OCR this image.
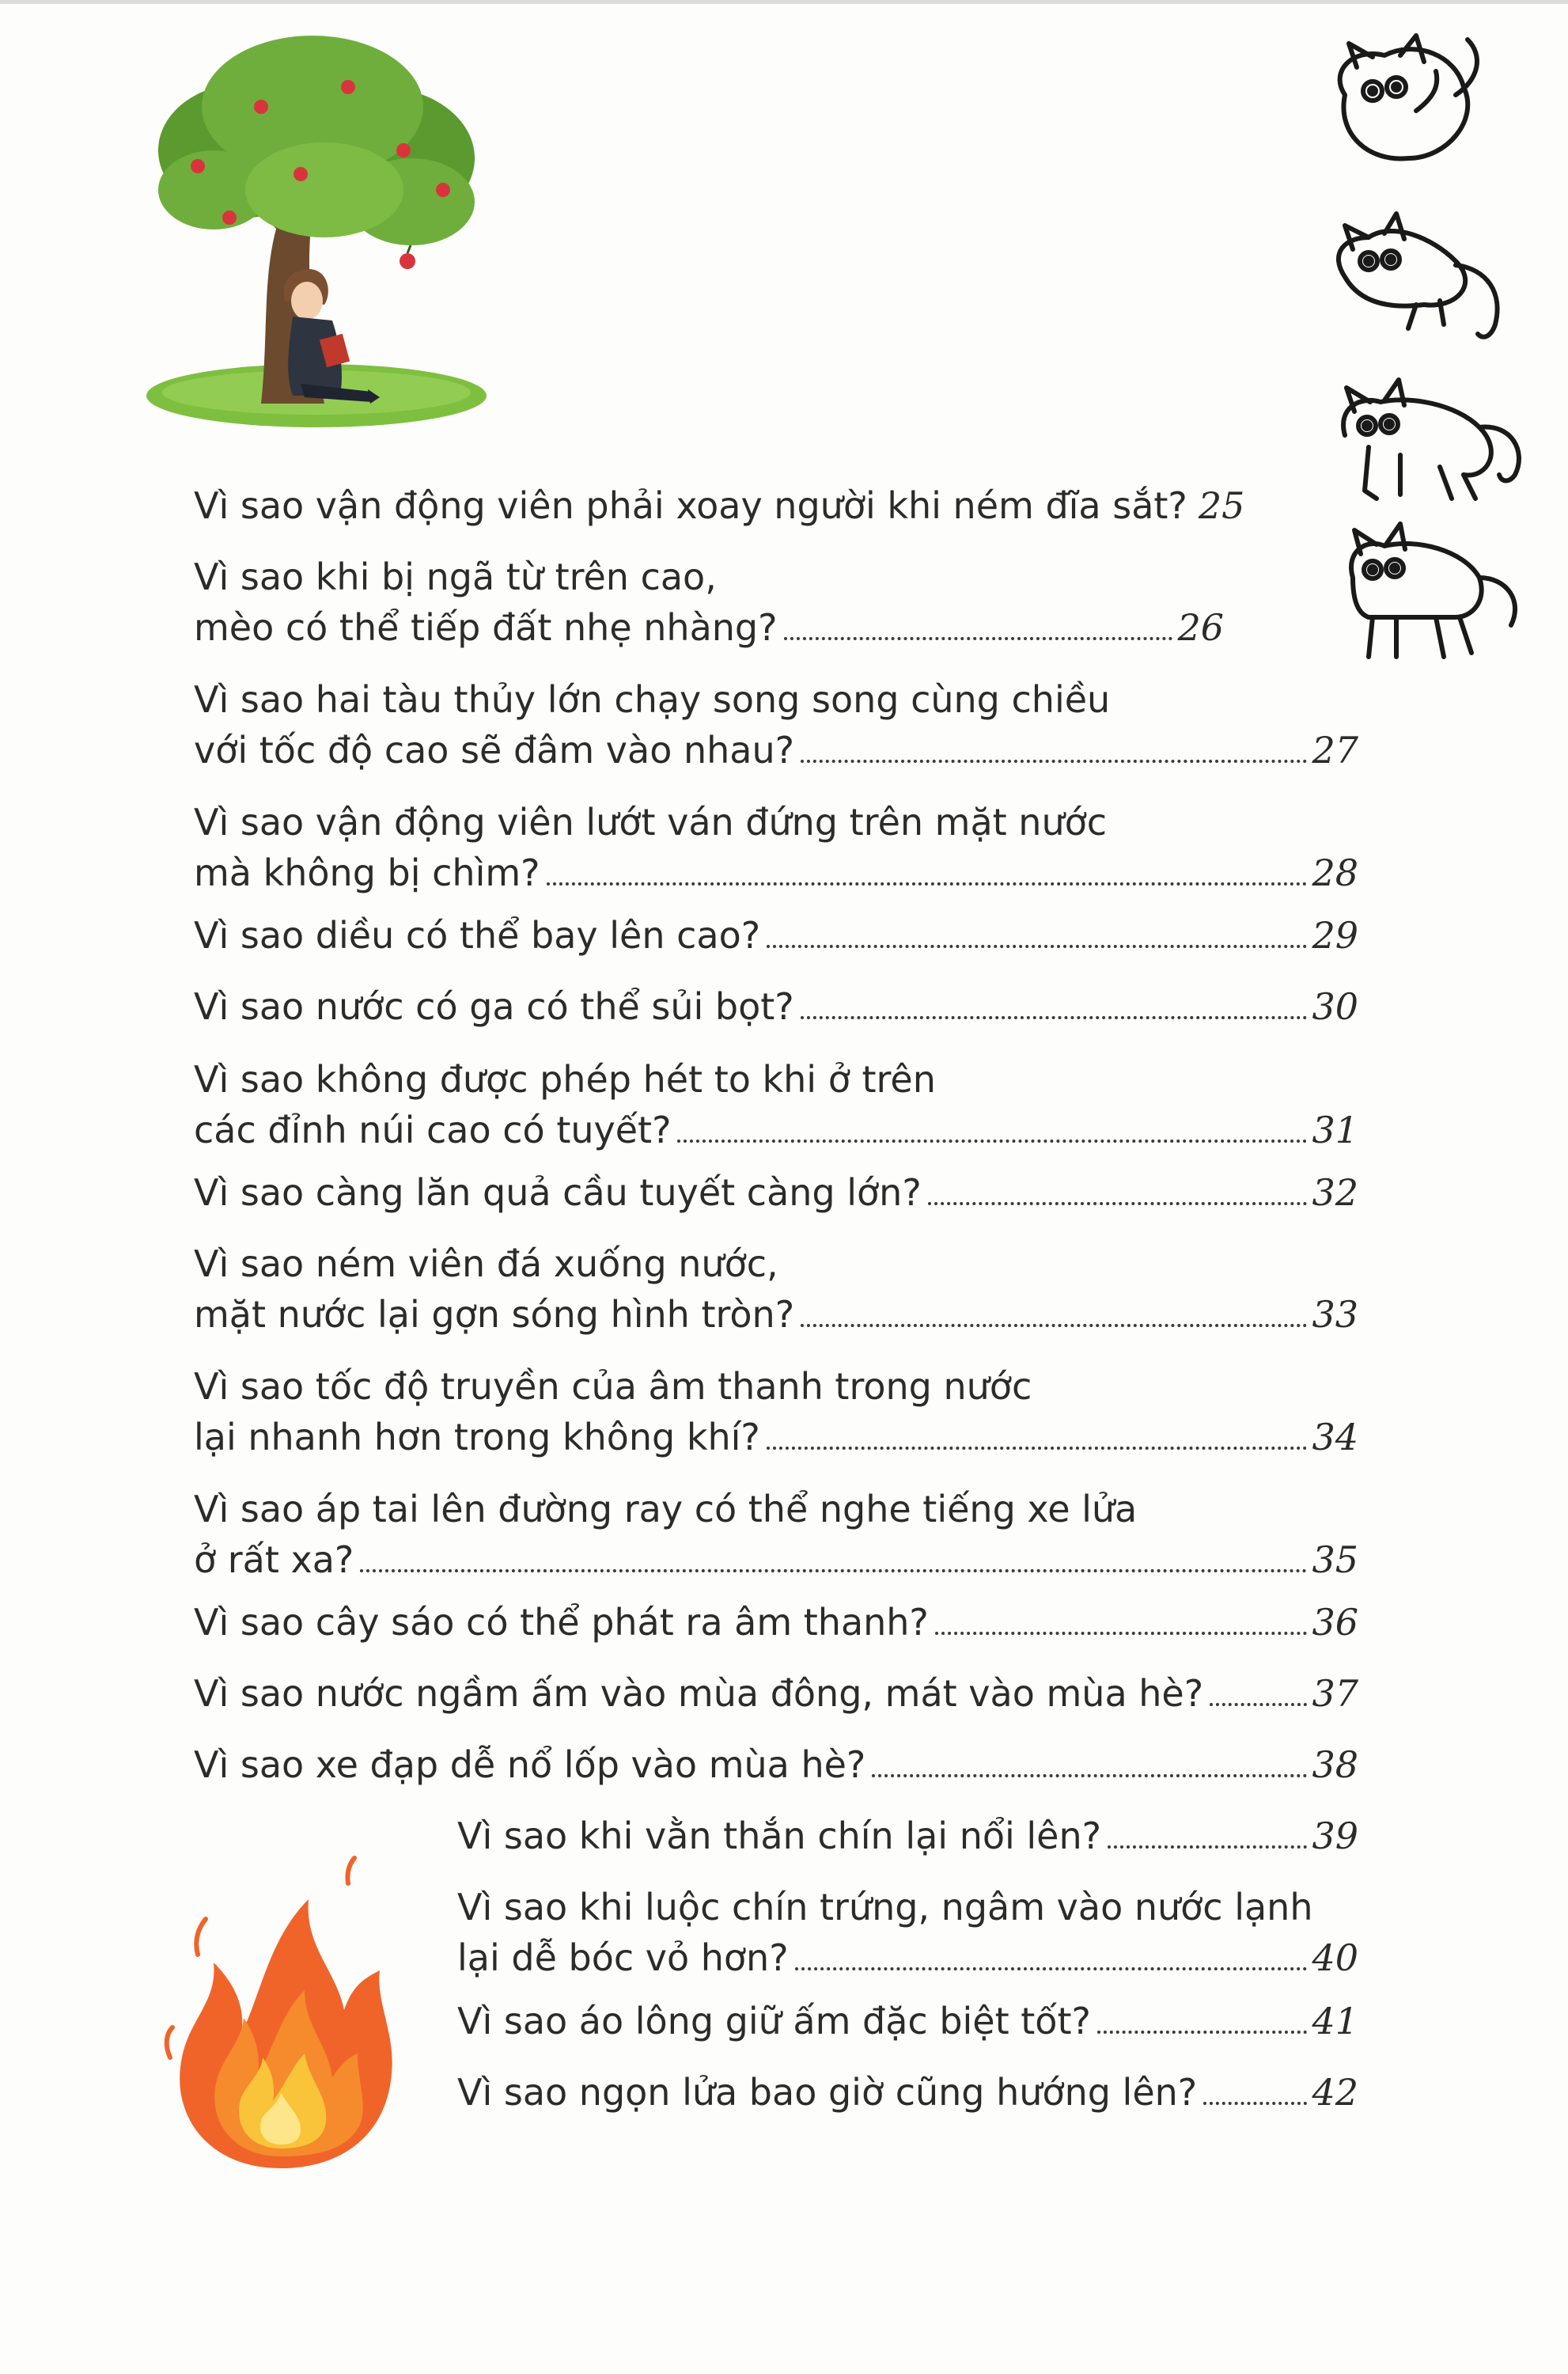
Vì sao vận động viên phải xoay người khi ném đĩa sắt? 25
Vì sao khi bị ngã từ trên cao,
mèo có thể tiếp đất nhẹ nhàng?	26
Vì sao hai tàu thủy lớn chạy song song cùng chiều
với tốc độ cao sẽ đâm vào nhau?	27
Vì sao vận động viên lướt ván đứng trên mặt nước
mà không bị chìm?	28
Vì sao diều có thể bay lên cao?	29
Vì sao nước có ga có thể sủi bọt?	30
Vì sao không được phép hét to khi ở trên
các đỉnh núi cao có tuyết?	31
Vì sao càng lăn quả cầu tuyết càng lớn?	32
Vì sao ném viên đá xuống nước,
mặt nước lại gợn sóng hình tròn?	33
Vì sao tốc độ truyền của âm thanh trong nước
lại nhanh hơn trong không khí?	34
Vì sao áp tai lên đường ray có thể nghe tiếng xe lửa
ở rất xa?	35
Vì sao cây sáo có thể phát ra âm thanh?	36
Vì sao nước ngầm ấm vào mùa đông, mát vào mùa hè?	37
Vì sao xe đạp dễ nổ lốp vào mùa hè?	38
Vì sao khi vằn thắn chín lại nổi lên?	39
Vì sao khi luộc chín trứng, ngâm vào nước lạnh
lại dễ bóc vỏ hơn?	40
Vì sao áo lông giữ ấm đặc biệt tốt?	41
Vì sao ngọn lửa bao giờ cũng hướng lên?	42
